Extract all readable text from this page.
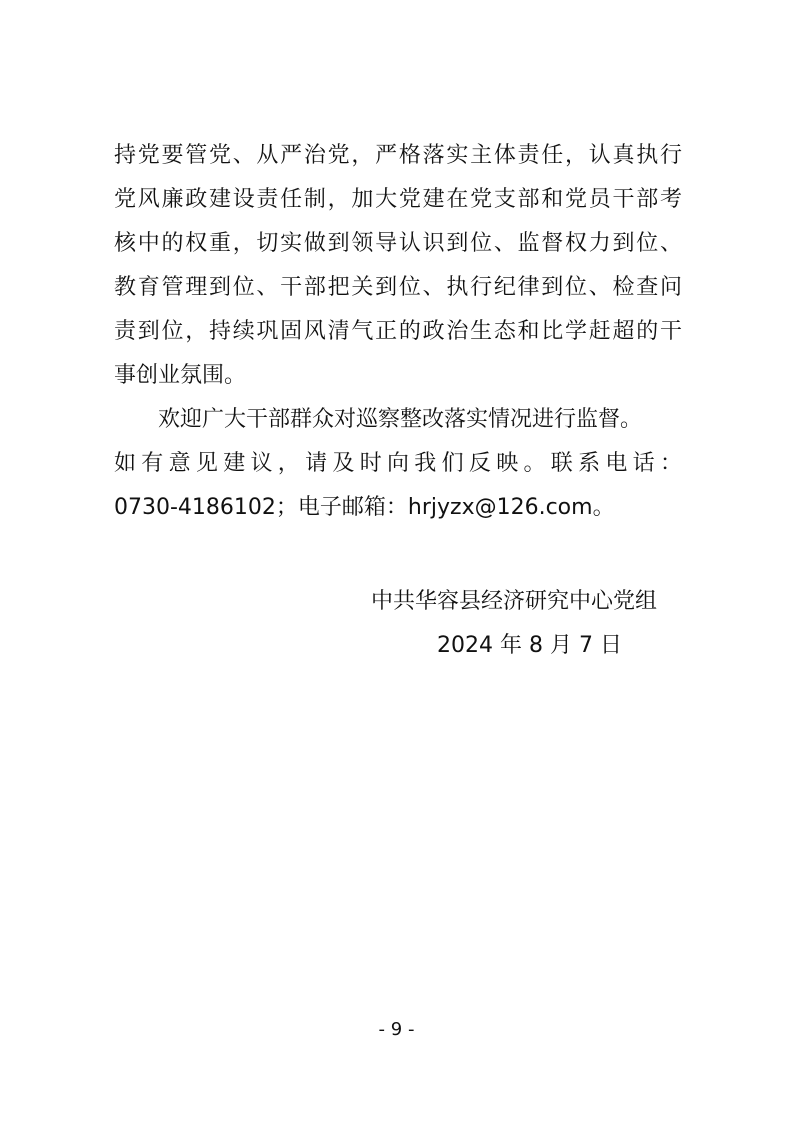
持党要管党、从严治党，严格落实主体责任，认真执行
党风廉政建设责任制，加大党建在党支部和党员干部考
核中的权重，切实做到领导认识到位、监督权力到位、
教育管理到位、干部把关到位、执行纪律到位、检查问
责到位，持续巩固风清气正的政治生态和比学赶超的干
事创业氛围。
欢迎广大干部群众对巡察整改落实情况进行监督。
如有意见建议，请及时向我们反映。联系电话：
0730-4186102；电子邮箱：hrjyzx@126.com。
中共华容县经济研究中心党组
2024 年 8 月 7 日
- 9 -
